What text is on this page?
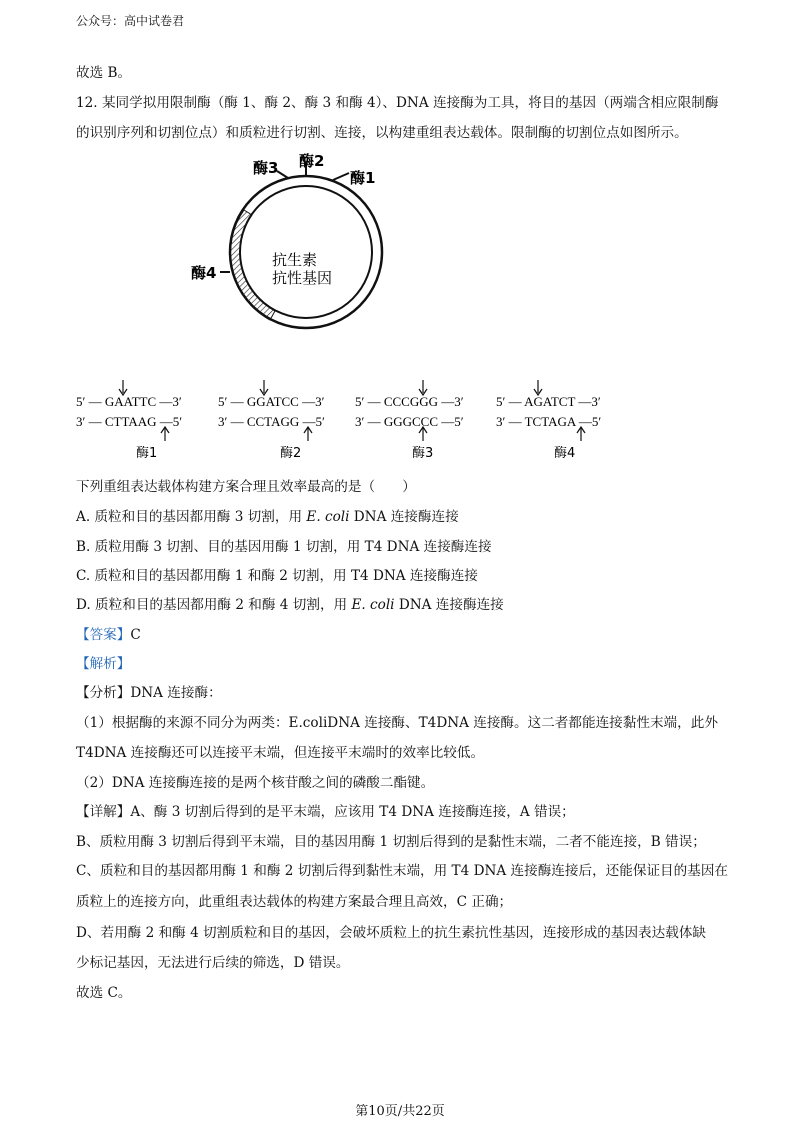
公众号：高中试卷君
故选 B。
12. 某同学拟用限制酶（酶 1、酶 2、酶 3 和酶 4）、DNA 连接酶为工具，将目的基因（两端含相应限制酶
的识别序列和切割位点）和质粒进行切割、连接，以构建重组表达载体。限制酶的切割位点如图所示。
酶2
酶3
酶1
酶4
抗生素
抗性基因
5′ — GAATTC —3′
3′ — CTTAAG —5′
酶1
5′ — GGATCC —3′
3′ — CCTAGG —5′
酶2
5′ — CCCGGG —3′
3′ — GGGCCC —5′
酶3
5′ — AGATCT —3′
3′ — TCTAGA —5′
酶4
下列重组表达载体构建方案合理且效率最高的是（　　）
A. 质粒和目的基因都用酶 3 切割，用 E. coli DNA 连接酶连接
B. 质粒用酶 3 切割、目的基因用酶 1 切割，用 T4 DNA 连接酶连接
C. 质粒和目的基因都用酶 1 和酶 2 切割，用 T4 DNA 连接酶连接
D. 质粒和目的基因都用酶 2 和酶 4 切割，用 E. coli DNA 连接酶连接
【答案】C
【解析】
【分析】DNA 连接酶：
（1）根据酶的来源不同分为两类：E.coliDNA 连接酶、T4DNA 连接酶。这二者都能连接黏性末端，此外
T4DNA 连接酶还可以连接平末端，但连接平末端时的效率比较低。
（2）DNA 连接酶连接的是两个核苷酸之间的磷酸二酯键。
【详解】A、酶 3 切割后得到的是平末端，应该用 T4 DNA 连接酶连接，A 错误；
B、质粒用酶 3 切割后得到平末端，目的基因用酶 1 切割后得到的是黏性末端，二者不能连接，B 错误；
C、质粒和目的基因都用酶 1 和酶 2 切割后得到黏性末端，用 T4 DNA 连接酶连接后，还能保证目的基因在
质粒上的连接方向，此重组表达载体的构建方案最合理且高效，C 正确；
D、若用酶 2 和酶 4 切割质粒和目的基因，会破坏质粒上的抗生素抗性基因，连接形成的基因表达载体缺
少标记基因，无法进行后续的筛选，D 错误。
故选 C。
第10页/共22页
